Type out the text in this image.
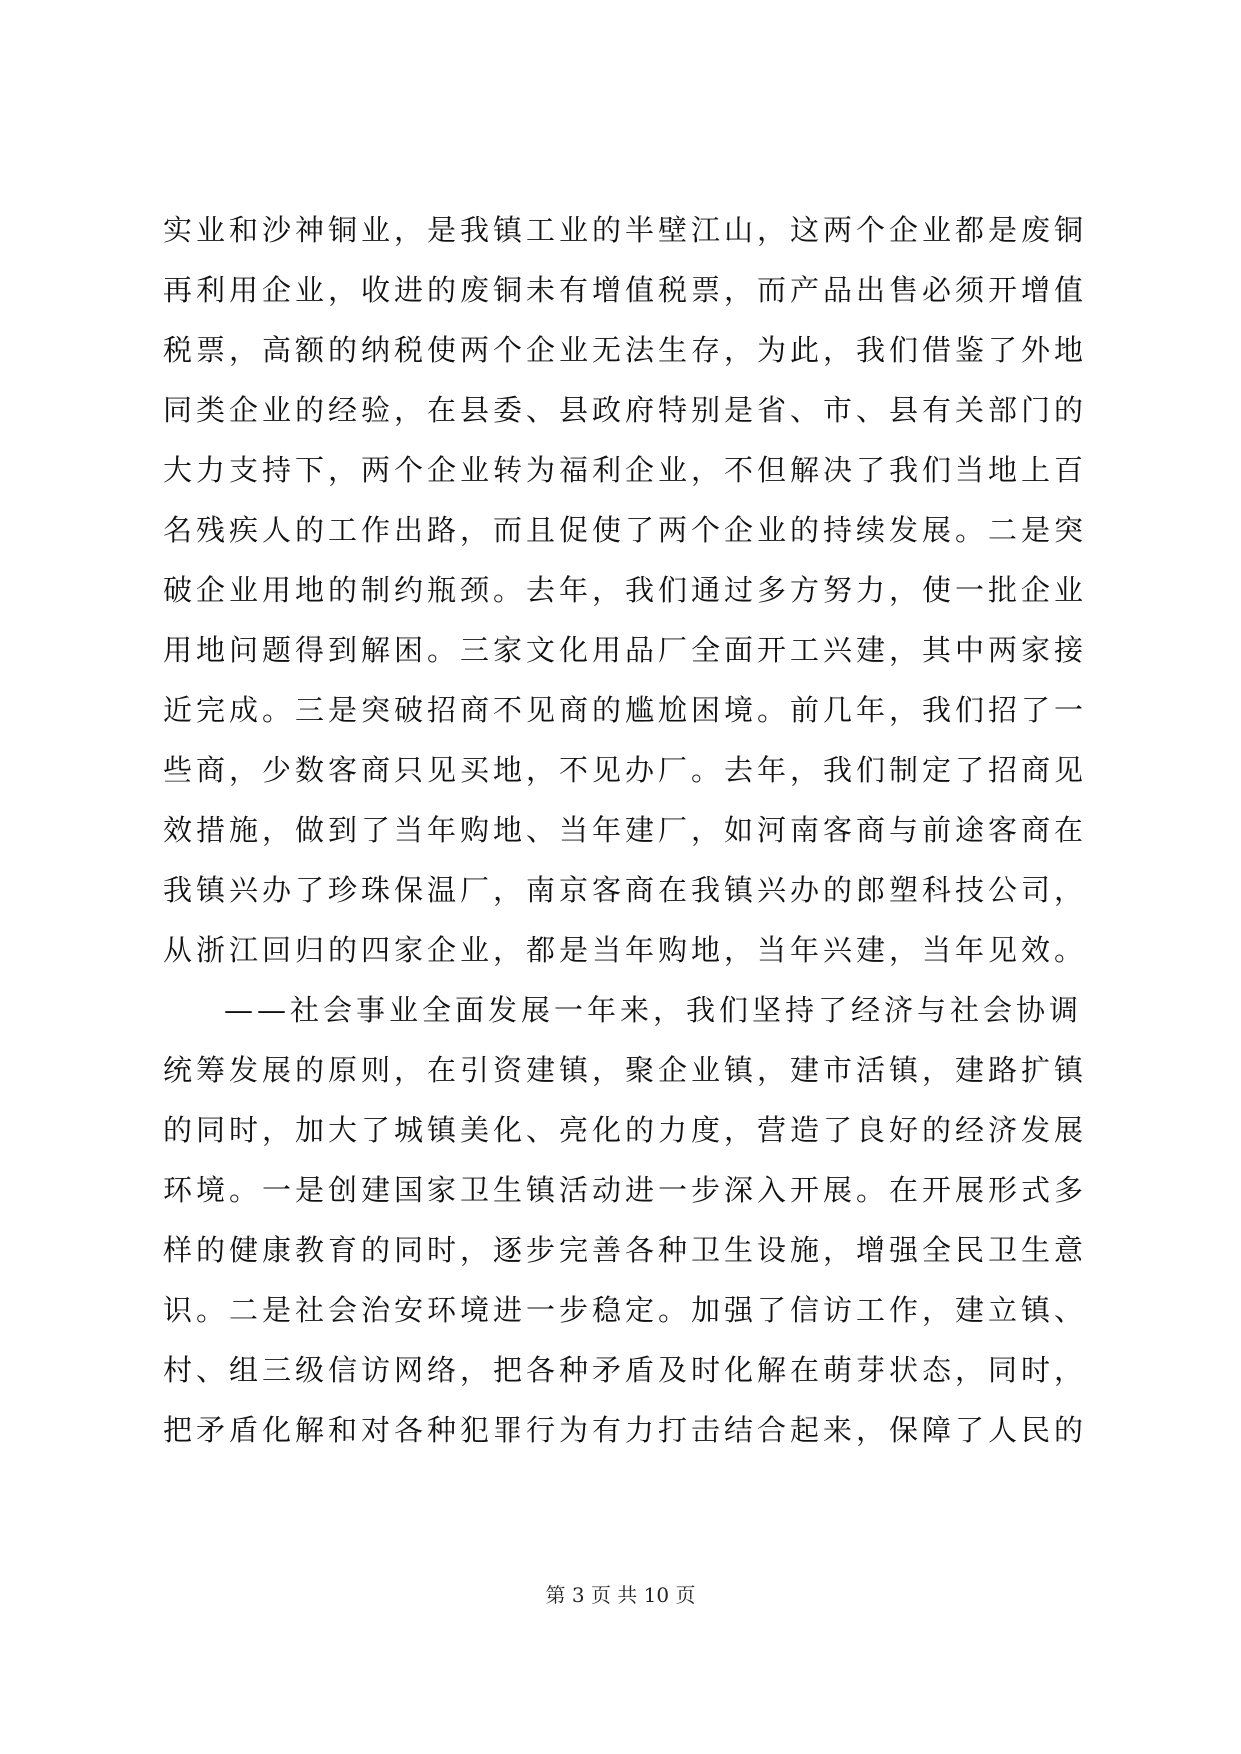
实业和沙神铜业，是我镇工业的半壁江山，这两个企业都是废铜
再利用企业，收进的废铜未有增值税票，而产品出售必须开增值
税票，高额的纳税使两个企业无法生存，为此，我们借鉴了外地
同类企业的经验，在县委、县政府特别是省、市、县有关部门的
大力支持下，两个企业转为福利企业，不但解决了我们当地上百
名残疾人的工作出路，而且促使了两个企业的持续发展。二是突
破企业用地的制约瓶颈。去年，我们通过多方努力，使一批企业
用地问题得到解困。三家文化用品厂全面开工兴建，其中两家接
近完成。三是突破招商不见商的尴尬困境。前几年，我们招了一
些商，少数客商只见买地，不见办厂。去年，我们制定了招商见
效措施，做到了当年购地、当年建厂，如河南客商与前途客商在
我镇兴办了珍珠保温厂，南京客商在我镇兴办的郎塑科技公司，
从浙江回归的四家企业，都是当年购地，当年兴建，当年见效。
——社会事业全面发展一年来，我们坚持了经济与社会协调
统筹发展的原则，在引资建镇，聚企业镇，建市活镇，建路扩镇
的同时，加大了城镇美化、亮化的力度，营造了良好的经济发展
环境。一是创建国家卫生镇活动进一步深入开展。在开展形式多
样的健康教育的同时，逐步完善各种卫生设施，增强全民卫生意
识。二是社会治安环境进一步稳定。加强了信访工作，建立镇、
村、组三级信访网络，把各种矛盾及时化解在萌芽状态，同时，
把矛盾化解和对各种犯罪行为有力打击结合起来，保障了人民的
第 3 页 共 10 页
